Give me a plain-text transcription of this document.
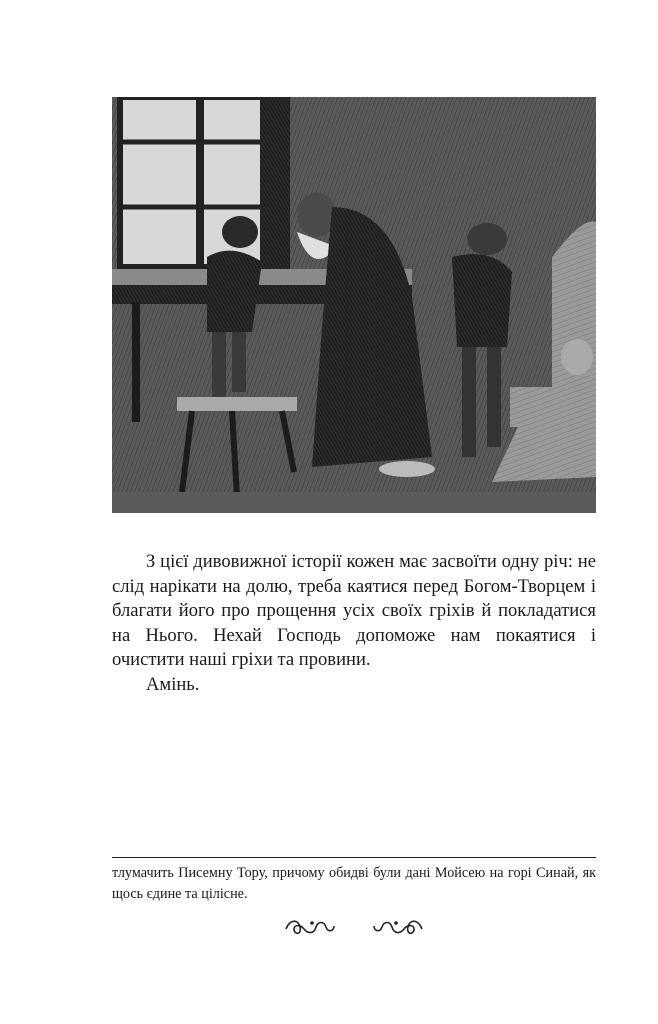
З цієї дивовижної історії кожен має засвоїти одну річ: не слід нарікати на долю, треба каятися перед Богом-Творцем і благати його про прощення усіх своїх гріхів й покладатися на Нього. Нехай Господь допоможе нам покаятися і очистити наші гріхи та провини.

Амінь.

тлумачить Писемну Тору, причому обидві були дані Мойсею на горі Синай, як щось єдине та цілісне.
